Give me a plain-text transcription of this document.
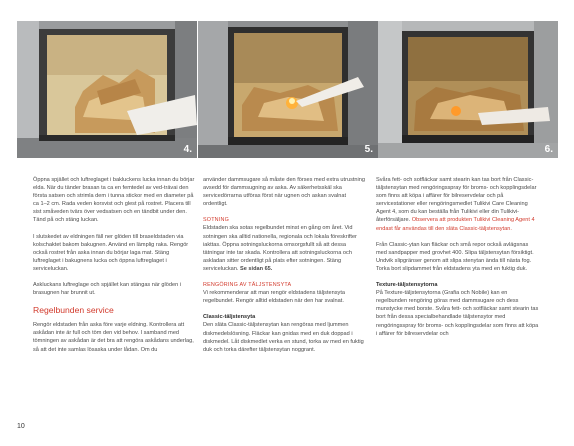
4.	5.	6.

Öppna spjället och luftreglaget i bakluckens lucka innan du börjar elda. När du tänder brasan ta ca en femtedel av ved-trävai den första satsen och strimla dem i tunna stickor med en diameter på ca 1–2 cm. Rada veden korsvist och glest på rostret. Placera till sist småveden tvärs över vedsatsen och en tändbit under den. Tänd på och stäng luckan.

I slutskedet av eldningen fäll ner glöden till braseldstaden via kolschaktet bakom bakugnen. Använd en lämplig raka. Rengör också rostret från aska innan du börjar laga mat. Stäng luftreglaget i bakugnens lucka och öppna luftreglaget i serviceluckan.

Askluckans luftreglage och spjället kan stängas när glöden i brasugnen har brunnit ut.

Regelbunden service

Rengör eldstaden från aska före varje eldning. Kontrollera att askådan inte är full och töm den vid behov. I samband med tömningen av askådan är det bra att rengöra askådans underlag, så att det inte samlas lösaska under lådan. Om du

använder dammsugare så måste den förses med extra utrustning avsedd för dammsugning av aska. Av säkerhetsskäl ska servicedörrarna utföras först när ugnen och askan svalnat ordentligt.

SOTNING

Eldstaden ska sotas regelbundet minst en gång om året. Vid sotningen ska alltid nationella, regionala och lokala föreskrifter iakttas. Öppna sotningsluckorna omsorgsfullt så att dessa tätningar inte tar skada. Kontrollera att sotningsluckorna och askladan sitter ordentligt på plats efter sotningen. Stäng serviceluckan. Se sidan 65.

RENGÖRING AV TÄLJSTENSYTA

Vi rekommenderar att man rengör eldstadens täljstensyta regelbundet. Rengör alltid eldstaden när den har svalnat.

Classic-täljstensyta

Den släta Classic-täljstensytan kan rengöras med ljummen diskmedelslösning. Fläckar kan gnidas med en duk doppad i diskmedel. Låt diskmedlet verka en stund, torka av med en fuktig duk och torka därefter täljstensytan noggrant.

Svåra fett- och sotfläckar samt stearin kan tas bort från Classic-täljstensytan med rengöringsspray för broms- och kopplingsdelar som finns att köpa i affärer för bilreservdelar och på servicestationer eller rengöringsmedlet Tulikivi Care Cleaning Agent 4, som du kan beställa från Tulikivi eller din Tulikivi-återförsäljare. Observera att produkten Tulikivi Cleaning Agent 4 endast får användas till den släta Classic-täljstensytan.

Från Classic-ytan kan fläckar och små repor också avlägsnas med sandpapper med grovhet 400. Slipa täljstensytan försiktigt. Undvik slipgränser genom att slipa stenytan ända till nästa fog. Torka bort slipdammet från eldstadens yta med en fuktig duk.

Texture-täljstensytorna

På Texture-täljstensytorna (Grafia och Nobile) kan en regelbunden rengöring göras med dammsugare och dess munstycke med borste. Svåra fett- och sotfläckar samt stearin tas bort från dessa specialbehandlade täljstensytor med rengöringsspray för broms- och kopplingsdelar som finns att köpa i affärer för bilreservdelar och

10
